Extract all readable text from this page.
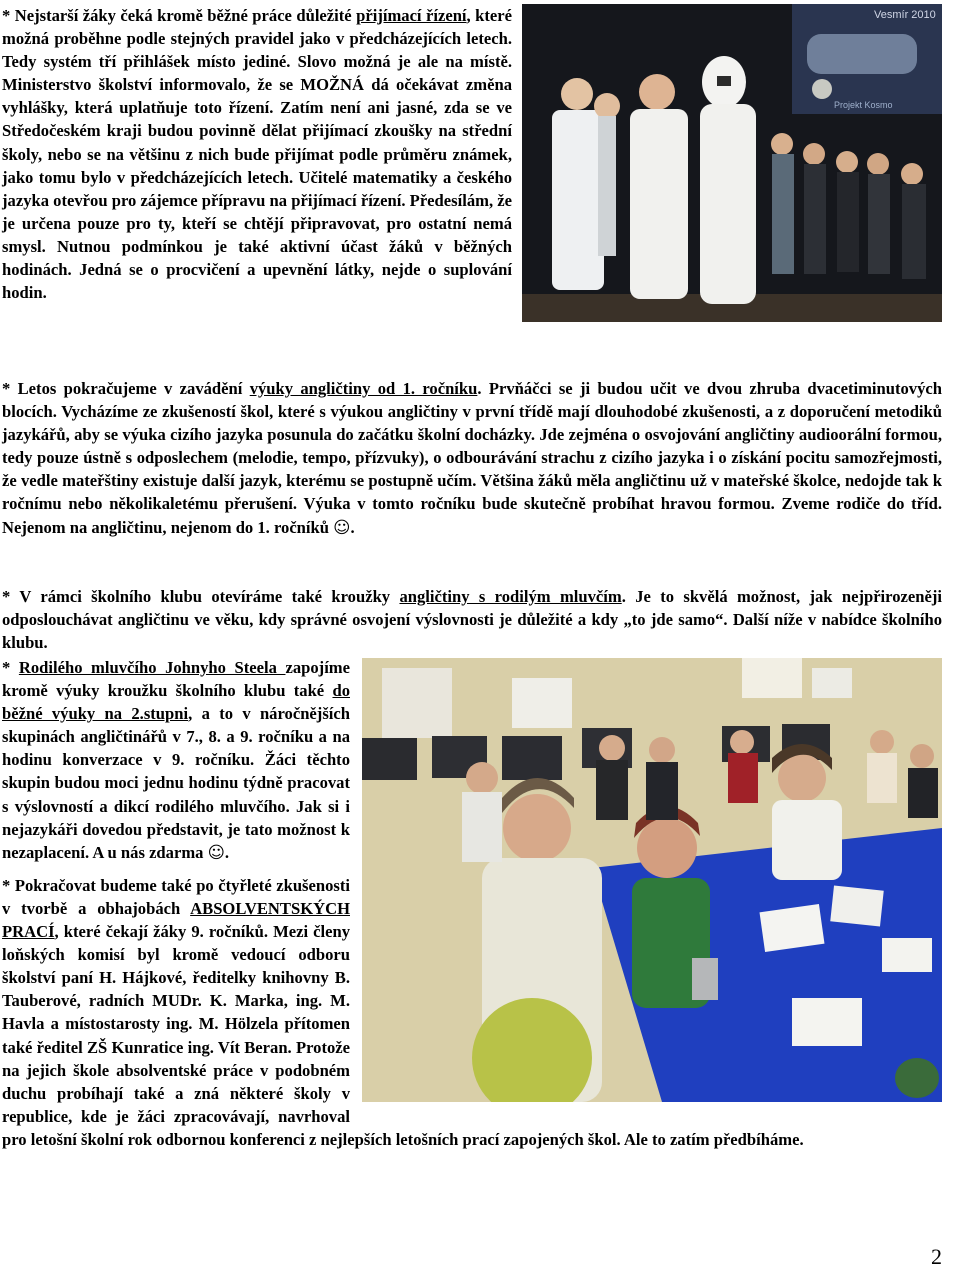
Vesmír 2010
Projekt Kosmo

* Nejstarší žáky čeká kromě běžné práce důležité přijímací řízení, které možná proběhne podle stejných pravidel jako v předcházejících letech. Tedy systém tří přihlášek místo jediné. Slovo možná je ale na místě. Ministerstvo školství informovalo, že se MOŽNÁ dá očekávat změna vyhlášky, která uplatňuje toto řízení. Zatím není ani jasné, zda se ve Středočeském kraji budou povinně dělat přijímací zkoušky na střední školy, nebo se na většinu z nich bude přijímat podle průměru známek, jako tomu bylo v předcházejících letech. Učitelé matematiky a českého jazyka otevřou pro zájemce přípravu na přijímací řízení. Předesílám, že je určena pouze pro ty, kteří se chtějí připravovat, pro ostatní nemá smysl. Nutnou podmínkou je také aktivní účast žáků v běžných hodinách. Jedná se o procvičení a upevnění látky, nejde o suplování hodin.

* Letos pokračujeme v zavádění výuky angličtiny od 1. ročníku. Prvňáčci se ji budou učit ve dvou zhruba dvacetiminutových blocích. Vycházíme ze zkušeností škol, které s výukou angličtiny v první třídě mají dlouhodobé zkušenosti, a z doporučení metodiků jazykářů, aby se výuka cizího jazyka posunula do začátku školní docházky. Jde zejména o osvojování angličtiny audioorální formou, tedy pouze ústně s odposlechem (melodie, tempo, přízvuky), o odbourávání strachu z cizího jazyka i o získání pocitu samozřejmosti, že vedle mateřštiny existuje další jazyk, kterému se postupně učím. Většina žáků měla angličtinu už v mateřské školce, nedojde tak k ročnímu nebo několikaletému přerušení. Výuka v tomto ročníku bude skutečně probíhat hravou formou. Zveme rodiče do tříd. Nejenom na angličtinu, nejenom do 1. ročníků ☺.

* V rámci školního klubu otevíráme také kroužky angličtiny s rodilým mluvčím. Je to skvělá možnost, jak nejpřirozeněji odposlouchávat angličtinu ve věku, kdy správné osvojení výslovnosti je důležité a kdy „to jde samo“. Další níže v nabídce školního klubu.

* Rodilého mluvčího Johnyho Steela zapojíme kromě výuky kroužku školního klubu také do běžné výuky na 2.stupni, a to v náročnějších skupinách angličtinářů v 7., 8. a 9. ročníku a na hodinu konverzace v 9. ročníku. Žáci těchto skupin budou moci jednu hodinu týdně pracovat s výslovností a dikcí rodilého mluvčího. Jak si i nejazykáři dovedou představit, je tato možnost k nezaplacení. A u nás zdarma ☺.

* Pokračovat budeme také po čtyřleté zkušenosti v tvorbě a obhajobách ABSOLVENTSKÝCH PRACÍ, které čekají žáky 9. ročníků. Mezi členy loňských komisí byl kromě vedoucí odboru školství paní H. Hájkové, ředitelky knihovny B. Tauberové, radních MUDr. K. Marka, ing. M. Havla a místostarosty ing. M. Hölzela přítomen také ředitel ZŠ Kunratice ing. Vít Beran. Protože na jejich škole absolventské práce v podobném duchu probíhají také a zná některé školy v republice, kde je žáci zpracovávají, navrhoval pro letošní školní rok odbornou konferenci z nejlepších letošních prací zapojených škol. Ale to zatím předbíháme.

2
